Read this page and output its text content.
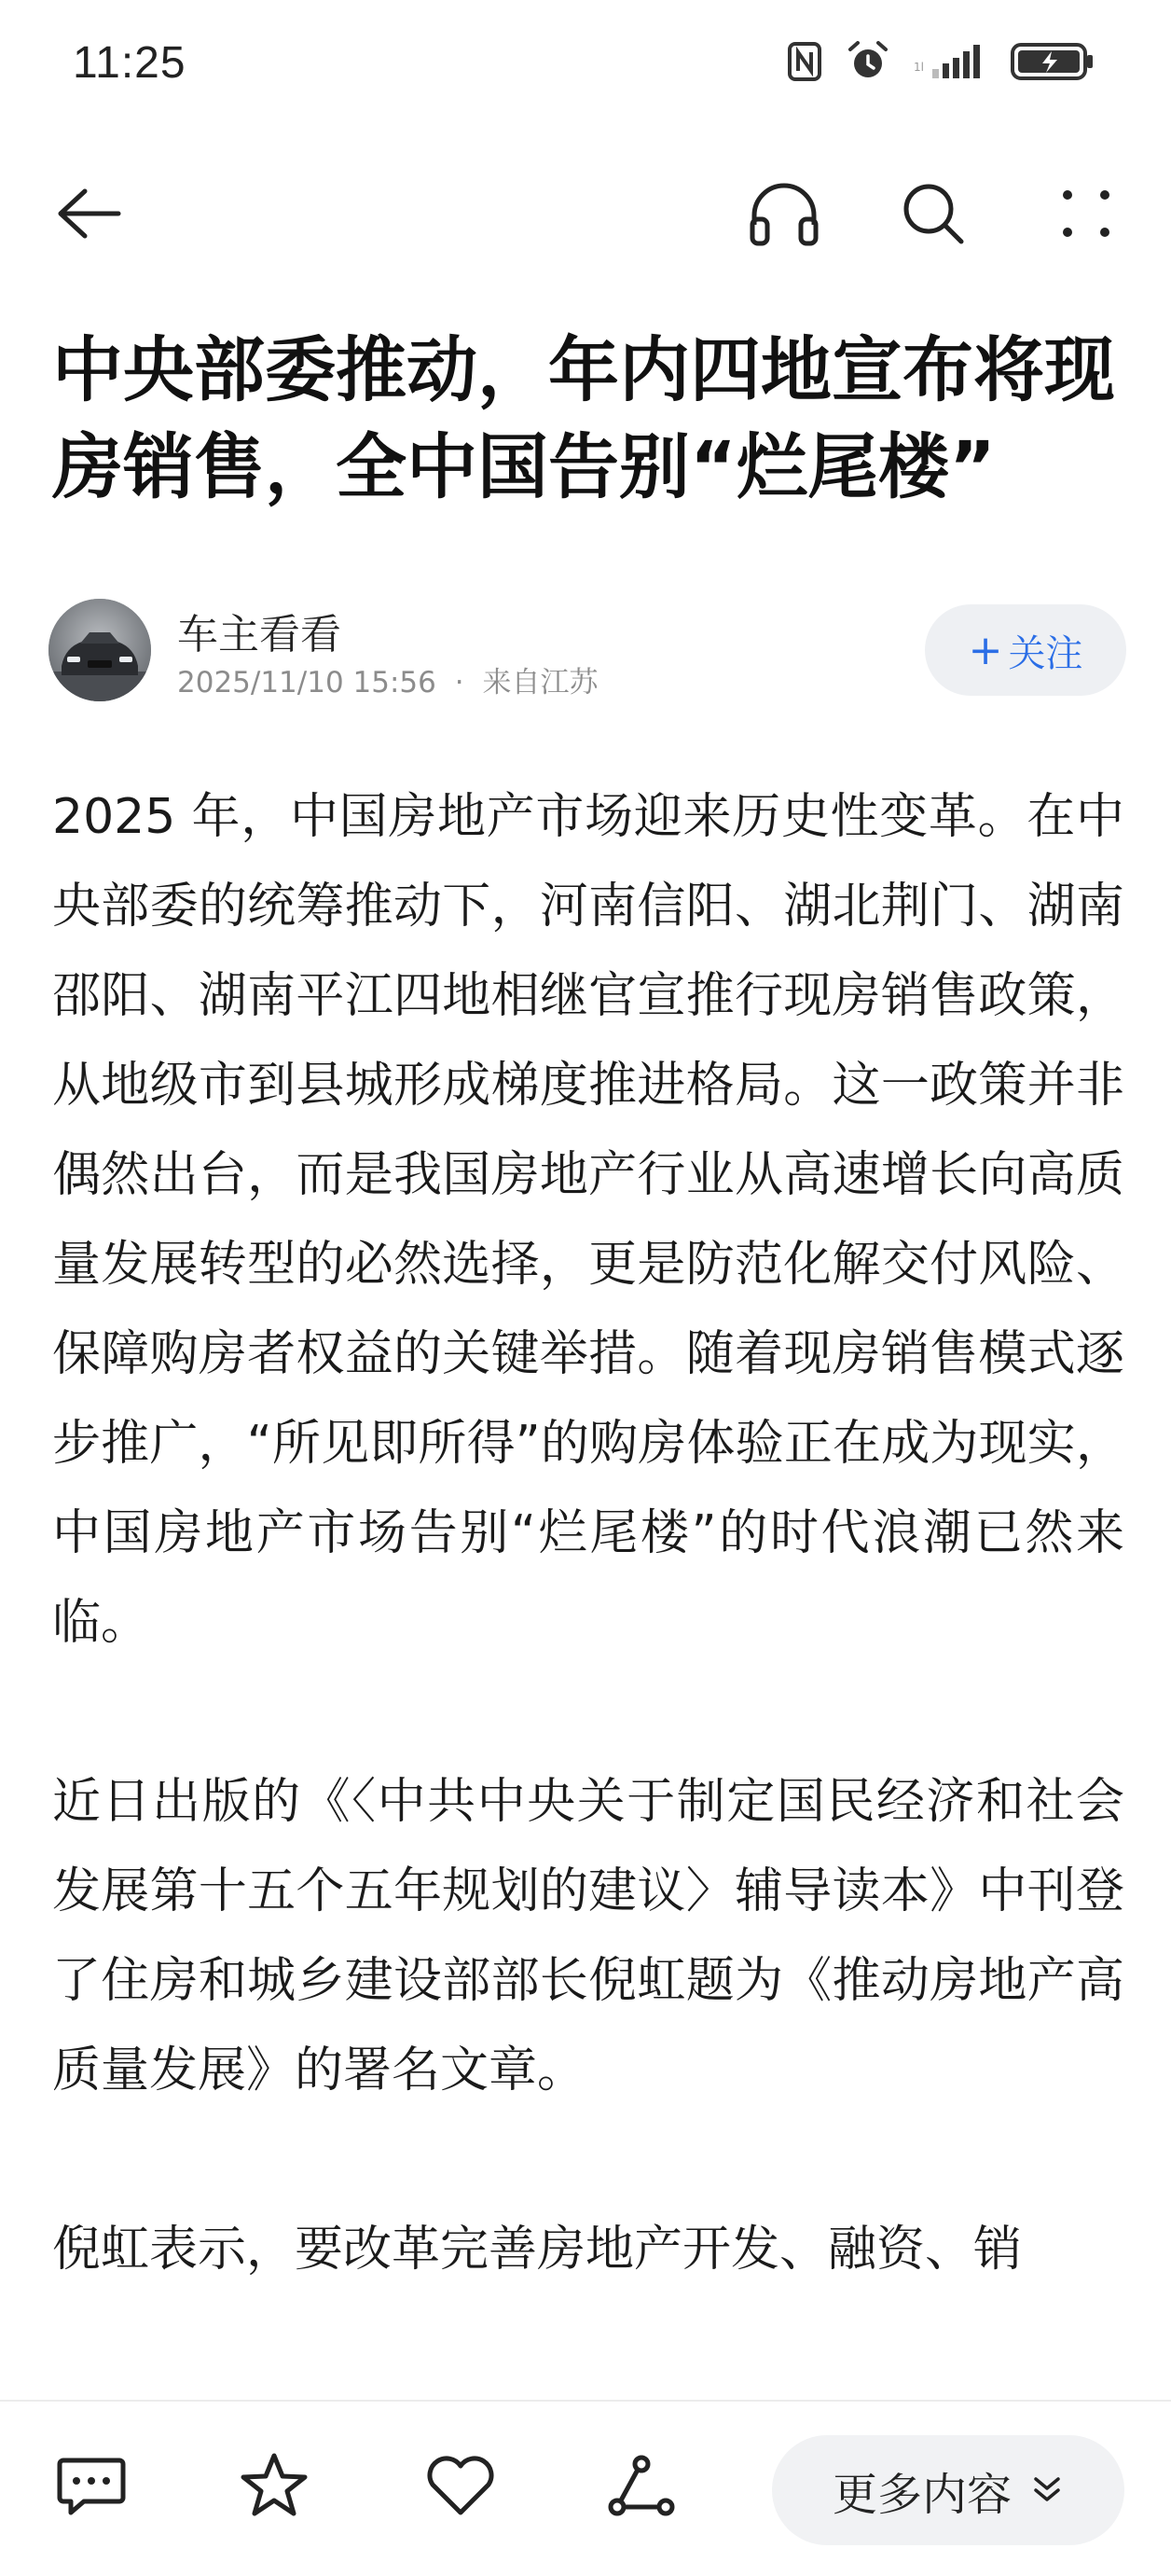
11:25	1l
中央部委推动，年内四地宣布将现房销售，全中国告别“烂尾楼”
车主看看
2025/11/10 15:56 · 来自江苏
+ 关注

2025 年，中国房地产市场迎来历史性变革。在中央部委的统筹推动下，河南信阳、湖北荆门、湖南邵阳、湖南平江四地相继官宣推行现房销售政策，从地级市到县城形成梯度推进格局。这一政策并非偶然出台，而是我国房地产行业从高速增长向高质量发展转型的必然选择，更是防范化解交付风险、保障购房者权益的关键举措。随着现房销售模式逐步推广，“所见即所得”的购房体验正在成为现实，中国房地产市场告别“烂尾楼”的时代浪潮已然来临。

近日出版的《〈中共中央关于制定国民经济和社会发展第十五个五年规划的建议〉辅导读本》中刊登了住房和城乡建设部部长倪虹题为《推动房地产高质量发展》的署名文章。

倪虹表示，要改革完善房地产开发、融资、销

更多内容
